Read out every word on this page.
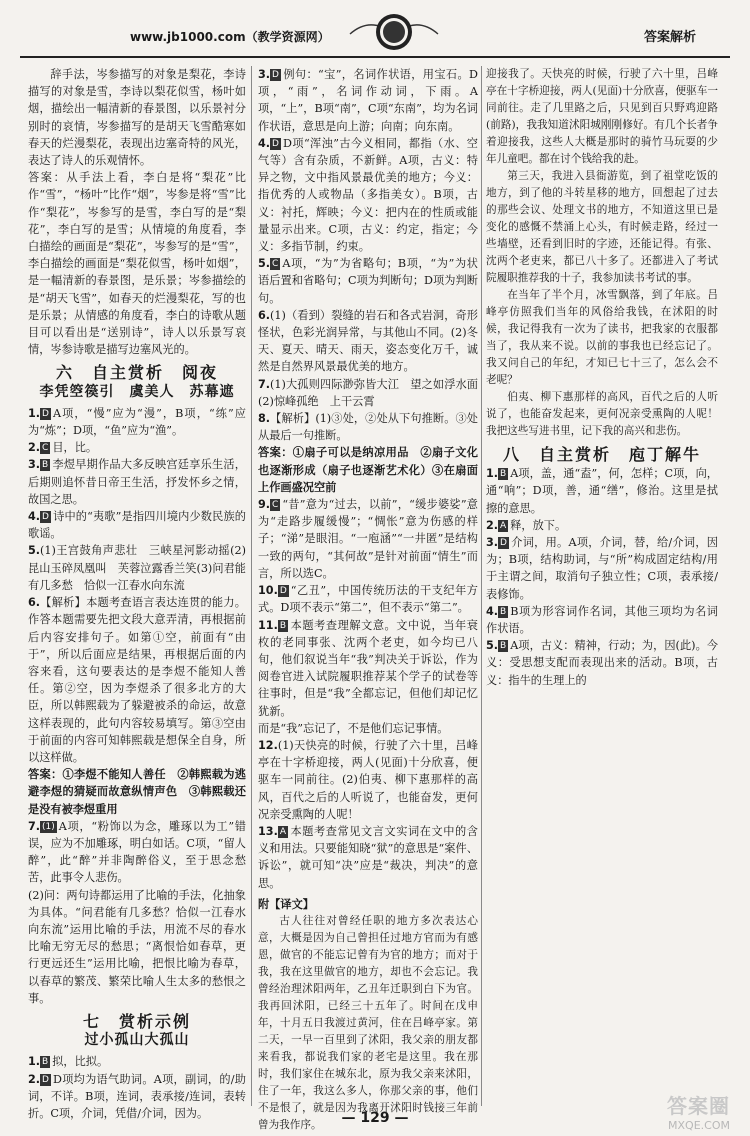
www.jb1000.com（教学资源网）	答案解析

辞手法，岑参描写的对象是梨花，李诗描写的对象是雪，李诗以梨花似雪，杨叶如烟，描绘出一幅清新的春景图，以乐景衬分别时的哀情，岑参描写的是胡天飞雪酷寒如春天的烂漫梨花，表现出边塞奇特的风光，表达了诗人的乐观情怀。

答案：从手法上看，李白是将“梨花”比作“雪”，“杨叶”比作“烟”，岑参是将“雪”比作“梨花”，岑参写的是雪，李白写的是“梨花”，李白写的是雪；从情境的角度看，李白描绘的画面是“梨花”，岑参写的是“雪”，李白描绘的画面是“梨花似雪，杨叶如烟”，是一幅清新的春景图，是乐景；岑参描绘的是“胡天飞雪”，如春天的烂漫梨花，写的也是乐景；从情感的角度看，李白的诗歌从题目可以看出是“送别诗”，诗人以乐景写哀情，岑参诗歌是描写边塞风光的。

六　自主赏析　阅夜
李凭箜篌引　虞美人　苏幕遮

1. D A项，“慢”应为“漫”，B项，“练”应为“炼”；D项，“鱼”应为“渔”。

2. C 目，比。

3. B 李煜早期作品大多反映宫廷享乐生活，后期则追怀昔日帝王生活，抒发怀乡之情，故国之思。

4. D 诗中的“夷歌”是指四川境内少数民族的歌谣。

5.(1)王宫鼓角声悲壮　三峡星河影动摇(2)昆山玉碎凤凰叫　芙蓉泣露香兰笑(3)问君能有几多愁　恰似一江春水向东流

6.【解析】本题考查语言表达连贯的能力。作答本题需要先把文段大意弄清，再根据前后内容安排句子。如第①空，前面有“由于”，所以后面应是结果，再根据后面的内容来看，这句要表达的是李煜不能知人善任。第②空，因为李煜杀了很多北方的大臣，所以韩熙载为了躲避被杀的命运，故意这样表现的，此句内容较易填写。第③空由于前面的内容可知韩熙载是想保全自身，所以这样做。

答案：①李煜不能知人善任　②韩熙载为逃避李煜的猜疑而故意纵情声色　③韩熙载还是没有被李煜重用

7. (1) A项，“粉饰以为念，雕琢以为工”错误，应为不加雕琢，明白如话。C项，“留人醉”，此“醉”并非陶醉俗义，至于思念愁苦，此事令人悲伤。

(2)问：两句诗都运用了比喻的手法，化抽象为具体。“问君能有几多愁？恰似一江春水向东流”运用比喻的手法，用流不尽的春水比喻无穷无尽的愁思；“离恨恰如春草，更行更远还生”运用比喻，把恨比喻为春草，以春草的繁茂、繁荣比喻人生太多的愁恨之事。

七　赏析示例
过小孤山大孤山

1. B 拟，比拟。

2. D D项均为语气助词。A项，副词，的/助词，不详。B项，连词，表承接/连词，表转折。C项，介词，凭借/介词，因为。

3. D 例句：“宝”，名词作状语，用宝石。D项，“雨”，名词作动词，下雨。A项，“上”，B项“南”，C项“东南”，均为名词作状语，意思是向上游；向南；向东南。

4. D D项“浑浊”古今义相同，都指（水、空气等）含有杂质，不新鲜。A项，古义：特异之物，文中指风景最优美的地方；今义：指优秀的人或物品（多指美女）。B项，古义：衬托，辉映；今义：把内在的性质或能量显示出来。C项，古义：约定，指定；今义：多指节制，约束。

5. C A项，“为”为省略句；B项，“为”为状语后置和省略句；C项为判断句；D项为判断句。

6.(1)（看到）裂缝的岩石和各式岩洞，奇形怪状，色彩光润异常，与其他山不同。(2)冬天、夏天、晴天、雨天，姿态变化万千，诚然是自然界风景最优美的地方。

7.(1)大孤则四际渺弥皆大江　望之如浮水面　(2)惊峰孤绝　上干云霄

8.【解析】(1)③处，②处从下句推断。③处从最后一句推断。

答案：①扇子可以是纳凉用品　②扇子文化也逐渐形成（扇子也逐渐艺术化）③在扇面上作画盛况空前

9. C “昔”意为“过去，以前”，“缓步婆娑”意为“走路步履缓慢”；“惆怅”意为伤感的样子；“涕”是眼泪。“一庖涵”“一井匿”是结构一致的两句，“其何故”是针对前面“情生”而言，所以选C。

10. D “乙丑”，中国传统历法的干支纪年方式。D项不表示“第二”，但不表示“第二”。

11. B 本题考查理解文意。文中说，当年衰枚的老同事张、沈两个老吏，如今均已八旬，他们叙说当年“我”判决关于诉讼，作为阅卷官进入试院履职推荐某个学子的试卷等往事时，但是“我”全都忘记，但他们却记忆犹新。

而是“我”忘记了，不是他们忘记事情。

12.(1)天快亮的时候，行驶了六十里，吕峰亭在十字桥迎接，两人(见面)十分欣喜，便驱车一同前往。(2)伯夷、柳下惠那样的高风，百代之后的人听说了，也能奋发，更何况亲受熏陶的人呢！

13. A 本题考查常见文言文实词在文中的含义和用法。只要能知晓“狱”的意思是“案件、诉讼”，就可知“决”应是“裁决，判决”的意思。

附【译文】

古人往往对曾经任职的地方多次表达心意，大概是因为自己曾担任过地方官而为有感恩，做官的不能忘记曾有为官的地方；而对于我，我在这里做官的地方，却也不会忘记。我曾经治理沭阳两年，乙丑年迁职到白下为官。我再回沭阳，已经三十五年了。时间在戊申年，十月五日我渡过黄河，住在吕峰亭家。第二天，一早一百里到了沭阳，我父亲的朋友都来看我，都说我们家的老宅是这里。我在那时，我们家住在城东北，原为我父亲来沭阳，住了一年，我这么多人，你那父亲的事，他们不是恨了，就是因为我离开沭阳时钱接三年前曾为我作序。

迎接我了。天快亮的时候，行驶了六十里，吕峰亭在十字桥迎接，两人(见面)十分欣喜，便驱车一同前往。走了几里路之后，只见到百只野鸡迎路(前路)，我我知道沭阳城刚刚修好。有几个长者争着迎接我，这些人大概是那时的骑竹马玩耍的少年儿童吧。都在讨个钱给我的赴。

第三天，我进入县衙游览，到了祖堂吃饭的地方，到了他的斗转星移的地方，回想起了过去的那些会议、处理文书的地方，不知道这里已是变化的感慨不禁涌上心头，有时候走路，经过一些墙壁，还看到旧时的字迹，还能记得。有张、沈两个老吏来，都已八十多了。还都进入了考试院履职推荐我的十子，我参加读书考试的事。

在当年了半个月，冰雪飘落，到了年底。吕峰亭仿照我们当年的风俗给我钱，在沭阳的时候，我记得我有一次为了读书，把我家的衣服都当了，我从来不说。以前的事我也已经忘记了。我又问自己的年纪，才知已七十三了，怎么会不老呢？

伯夷、柳下惠那样的高风，百代之后的人听说了，也能奋发起来，更何况亲受熏陶的人呢！我把这些写进书里，记下我的高兴和悲伤。

八　自主赏析　庖丁解牛

1. B A项，盖，通“盍”，何，怎样；C项，向，通“响”；D项，善，通“缮”，修治。这里是拭擦的意思。

2. A 释，放下。

3. D 介词，用。A项，介词，替，给/介词，因为；B项，结构助词，与“所”构成固定结构/用于主谓之间，取消句子独立性；C项，表承接/表修饰。

4. B B项为形容词作名词，其他三项均为名词作状语。

5. B A项，古义：精神，行动；为，因(此)。今义：受思想支配而表现出来的活动。B项，古义：指牛的生理上的

— 129 —	答案圈
MXQE.COM
